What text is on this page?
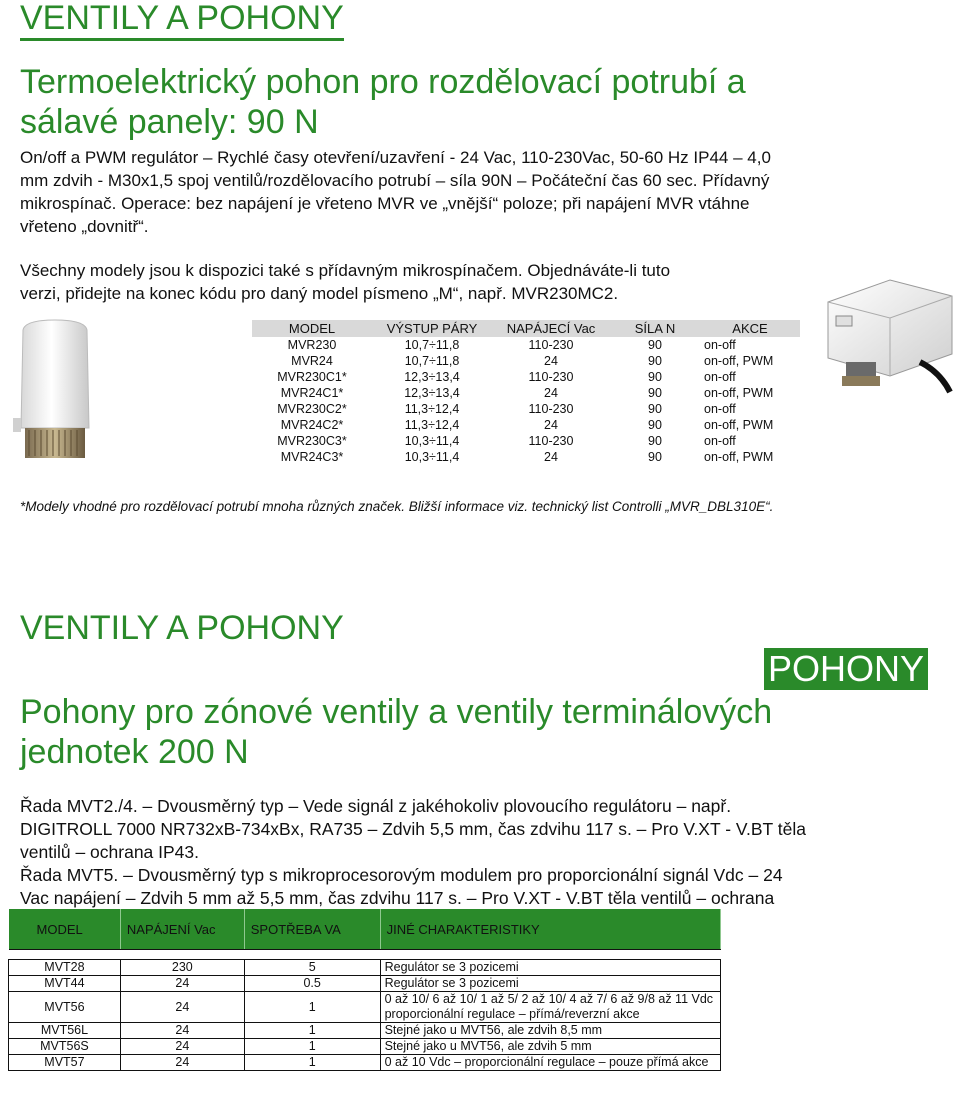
VENTILY A POHONY
Termoelektrický pohon pro rozdělovací potrubí a
sálavé panely: 90 N
On/off a PWM regulátor – Rychlé časy otevření/uzavření - 24 Vac, 110-230Vac, 50-60 Hz IP44 – 4,0
mm zdvih - M30x1,5 spoj ventilů/rozdělovacího potrubí – síla 90N – Počáteční čas 60 sec. Přídavný
mikrospínač. Operace: bez napájení je vřeteno MVR ve „vnější“ poloze; při napájení MVR vtáhne
vřeteno „dovnitř“.
Všechny modely jsou k dispozici také s přídavným mikrospínačem. Objednáváte-li tuto
verzi, přidejte na konec kódu pro daný model písmeno „M“, např. MVR230MC2.
MODEL	VÝSTUP PÁRY	NAPÁJECÍ Vac	SÍLA N	AKCE
MVR230	10,7÷11,8	110-230	90	on-off
MVR24	10,7÷11,8	24	90	on-off, PWM
MVR230C1*	12,3÷13,4	110-230	90	on-off
MVR24C1*	12,3÷13,4	24	90	on-off, PWM
MVR230C2*	11,3÷12,4	110-230	90	on-off
MVR24C2*	11,3÷12,4	24	90	on-off, PWM
MVR230C3*	10,3÷11,4	110-230	90	on-off
MVR24C3*	10,3÷11,4	24	90	on-off, PWM
*Modely vhodné pro rozdělovací potrubí mnoha různých značek. Bližší informace viz. technický list Controlli „MVR_DBL310E“.
VENTILY A POHONY
POHONY
Pohony pro zónové ventily a ventily terminálových
jednotek 200 N
Řada MVT2./4. – Dvousměrný typ – Vede signál z jakéhokoliv plovoucího regulátoru – např.
DIGITROLL 7000 NR732xB-734xBx, RA735 – Zdvih 5,5 mm, čas zdvihu 117 s. – Pro V.XT - V.BT těla
ventilů – ochrana IP43.
Řada MVT5. – Dvousměrný typ s mikroprocesorovým modulem pro proporcionální signál Vdc – 24
Vac napájení – Zdvih 5 mm až 5,5 mm, čas zdvihu 117 s. – Pro V.XT - V.BT těla ventilů – ochrana
MODEL	NAPÁJENÍ Vac	SPOTŘEBA VA	JINÉ CHARAKTERISTIKY

MVT28	230	5	Regulátor se 3 pozicemi
MVT44	24	0.5	Regulátor se 3 pozicemi
MVT56	24	1	0 až 10/ 6 až 10/ 1 až 5/ 2 až 10/ 4 až 7/ 6 až 9/8 až 11 Vdc proporcionální regulace – přímá/reverzní akce
MVT56L	24	1	Stejné jako u MVT56, ale zdvih 8,5 mm
MVT56S	24	1	Stejné jako u MVT56, ale zdvih 5 mm
MVT57	24	1	0 až 10 Vdc – proporcionální regulace – pouze přímá akce
